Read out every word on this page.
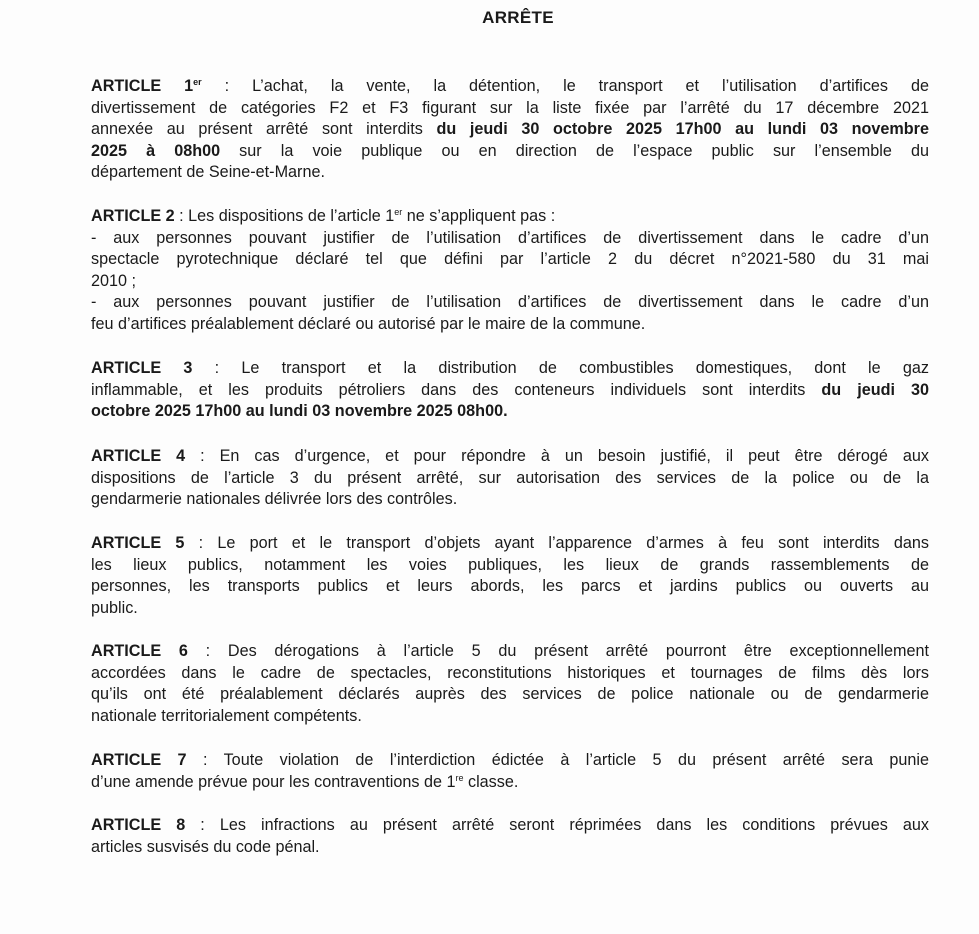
ARRÊTE
ARTICLE 1er : L’achat, la vente, la détention, le transport et l’utilisation d’artifices de
divertissement de catégories F2 et F3 figurant sur la liste fixée par l’arrêté du 17 décembre 2021
annexée au présent arrêté sont interdits du jeudi 30 octobre 2025 17h00 au lundi 03 novembre
2025 à 08h00 sur la voie publique ou en direction de l’espace public sur l’ensemble du
département de Seine-et-Marne.
ARTICLE 2 : Les dispositions de l’article 1er ne s’appliquent pas :
- aux personnes pouvant justifier de l’utilisation d’artifices de divertissement dans le cadre d’un
spectacle pyrotechnique déclaré tel que défini par l’article 2 du décret n°2021-580 du 31 mai
2010 ;
- aux personnes pouvant justifier de l’utilisation d’artifices de divertissement dans le cadre d’un
feu d’artifices préalablement déclaré ou autorisé par le maire de la commune.
ARTICLE 3 : Le transport et la distribution de combustibles domestiques, dont le gaz
inflammable, et les produits pétroliers dans des conteneurs individuels sont interdits du jeudi 30
octobre 2025 17h00 au lundi 03 novembre 2025 08h00.
ARTICLE 4 : En cas d’urgence, et pour répondre à un besoin justifié, il peut être dérogé aux
dispositions de l’article 3 du présent arrêté, sur autorisation des services de la police ou de la
gendarmerie nationales délivrée lors des contrôles.
ARTICLE 5 : Le port et le transport d’objets ayant l’apparence d’armes à feu sont interdits dans
les lieux publics, notamment les voies publiques, les lieux de grands rassemblements de
personnes, les transports publics et leurs abords, les parcs et jardins publics ou ouverts au
public.
ARTICLE 6 : Des dérogations à l’article 5 du présent arrêté pourront être exceptionnellement
accordées dans le cadre de spectacles, reconstitutions historiques et tournages de films dès lors
qu’ils ont été préalablement déclarés auprès des services de police nationale ou de gendarmerie
nationale territorialement compétents.
ARTICLE 7 : Toute violation de l’interdiction édictée à l’article 5 du présent arrêté sera punie
d’une amende prévue pour les contraventions de 1re classe.
ARTICLE 8 : Les infractions au présent arrêté seront réprimées dans les conditions prévues aux
articles susvisés du code pénal.
